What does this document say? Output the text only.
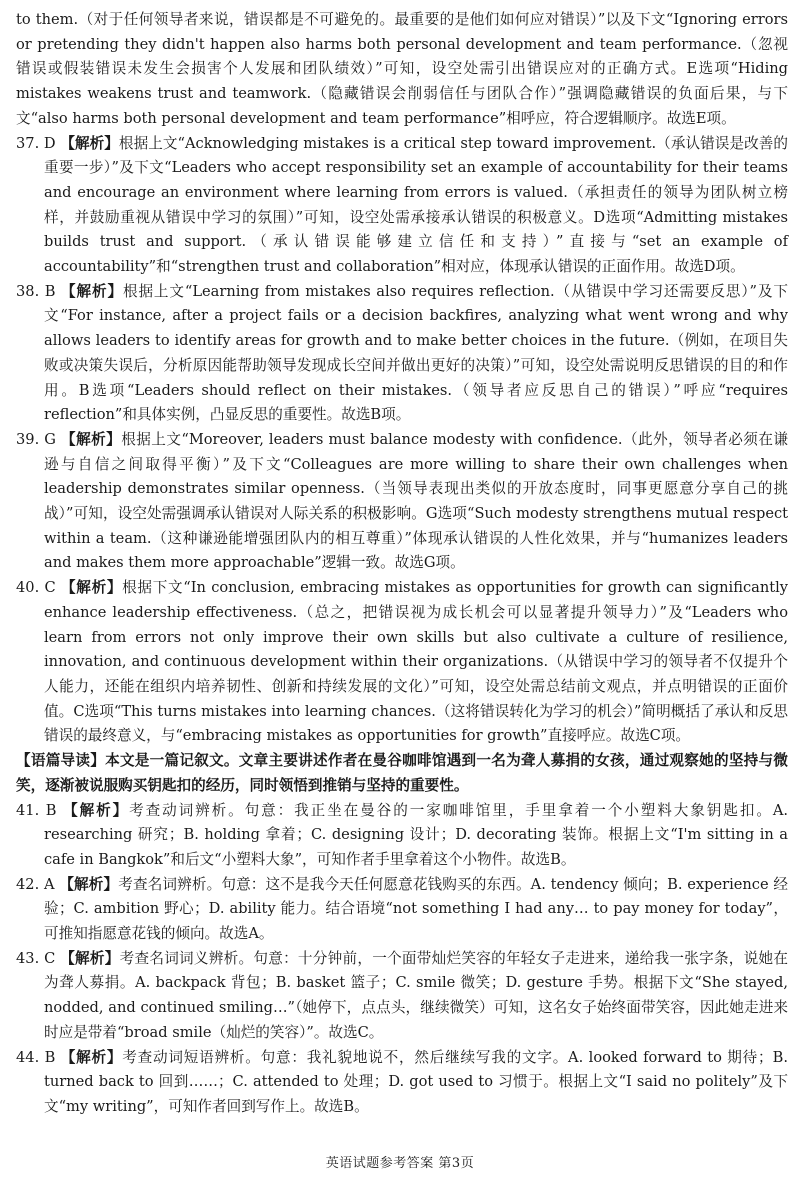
to them.（对于任何领导者来说，错误都是不可避免的。最重要的是他们如何应对错误）”以及下文“Ignoring errors or pretending they didn't happen also harms both personal development and team performance.（忽视错误或假装错误未发生会损害个人发展和团队绩效）”可知，设空处需引出错误应对的正确方式。E选项“Hiding mistakes weakens trust and teamwork.（隐藏错误会削弱信任与团队合作）”强调隐藏错误的负面后果，与下文“also harms both personal development and team performance”相呼应，符合逻辑顺序。故选E项。

37. D 【解析】根据上文“Acknowledging mistakes is a critical step toward improvement.（承认错误是改善的重要一步）”及下文“Leaders who accept responsibility set an example of accountability for their teams and encourage an environment where learning from errors is valued.（承担责任的领导为团队树立榜样，并鼓励重视从错误中学习的氛围）”可知，设空处需承接承认错误的积极意义。D选项“Admitting mistakes builds trust and support.（承认错误能够建立信任和支持）”直接与“set an example of accountability”和“strengthen trust and collaboration”相对应，体现承认错误的正面作用。故选D项。

38. B 【解析】根据上文“Learning from mistakes also requires reflection.（从错误中学习还需要反思）”及下文“For instance, after a project fails or a decision backfires, analyzing what went wrong and why allows leaders to identify areas for growth and to make better choices in the future.（例如，在项目失败或决策失误后，分析原因能帮助领导发现成长空间并做出更好的决策）”可知，设空处需说明反思错误的目的和作用。B选项“Leaders should reflect on their mistakes.（领导者应反思自己的错误）”呼应“requires reflection”和具体实例，凸显反思的重要性。故选B项。

39. G 【解析】根据上文“Moreover, leaders must balance modesty with confidence.（此外，领导者必须在谦逊与自信之间取得平衡）”及下文“Colleagues are more willing to share their own challenges when leadership demonstrates similar openness.（当领导表现出类似的开放态度时，同事更愿意分享自己的挑战）”可知，设空处需强调承认错误对人际关系的积极影响。G选项“Such modesty strengthens mutual respect within a team.（这种谦逊能增强团队内的相互尊重）”体现承认错误的人性化效果，并与“humanizes leaders and makes them more approachable”逻辑一致。故选G项。

40. C 【解析】根据下文“In conclusion, embracing mistakes as opportunities for growth can significantly enhance leadership effectiveness.（总之，把错误视为成长机会可以显著提升领导力）”及“Leaders who learn from errors not only improve their own skills but also cultivate a culture of resilience, innovation, and continuous development within their organizations.（从错误中学习的领导者不仅提升个人能力，还能在组织内培养韧性、创新和持续发展的文化）”可知，设空处需总结前文观点，并点明错误的正面价值。C选项“This turns mistakes into learning chances.（这将错误转化为学习的机会）”简明概括了承认和反思错误的最终意义，与“embracing mistakes as opportunities for growth”直接呼应。故选C项。

【语篇导读】本文是一篇记叙文。文章主要讲述作者在曼谷咖啡馆遇到一名为聋人募捐的女孩，通过观察她的坚持与微笑，逐渐被说服购买钥匙扣的经历，同时领悟到推销与坚持的重要性。

41. B 【解析】考查动词辨析。句意：我正坐在曼谷的一家咖啡馆里，手里拿着一个小塑料大象钥匙扣。A. researching 研究；B. holding 拿着；C. designing 设计；D. decorating 装饰。根据上文“I'm sitting in a cafe in Bangkok”和后文“小塑料大象”，可知作者手里拿着这个小物件。故选B。

42. A 【解析】考查名词辨析。句意：这不是我今天任何愿意花钱购买的东西。A. tendency 倾向；B. experience 经验；C. ambition 野心；D. ability 能力。结合语境“not something I had any… to pay money for today”，可推知指愿意花钱的倾向。故选A。

43. C 【解析】考查名词词义辨析。句意：十分钟前，一个面带灿烂笑容的年轻女子走进来，递给我一张字条，说她在为聋人募捐。A. backpack 背包；B. basket 篮子；C. smile 微笑；D. gesture 手势。根据下文“She stayed, nodded, and continued smiling…”（她停下，点点头，继续微笑）可知，这名女子始终面带笑容，因此她走进来时应是带着“broad smile（灿烂的笑容）”。故选C。

44. B 【解析】考查动词短语辨析。句意：我礼貌地说不，然后继续写我的文字。A. looked forward to 期待；B. turned back to 回到……；C. attended to 处理；D. got used to 习惯于。根据上文“I said no politely”及下文“my writing”，可知作者回到写作上。故选B。

英语试题参考答案 第3页
